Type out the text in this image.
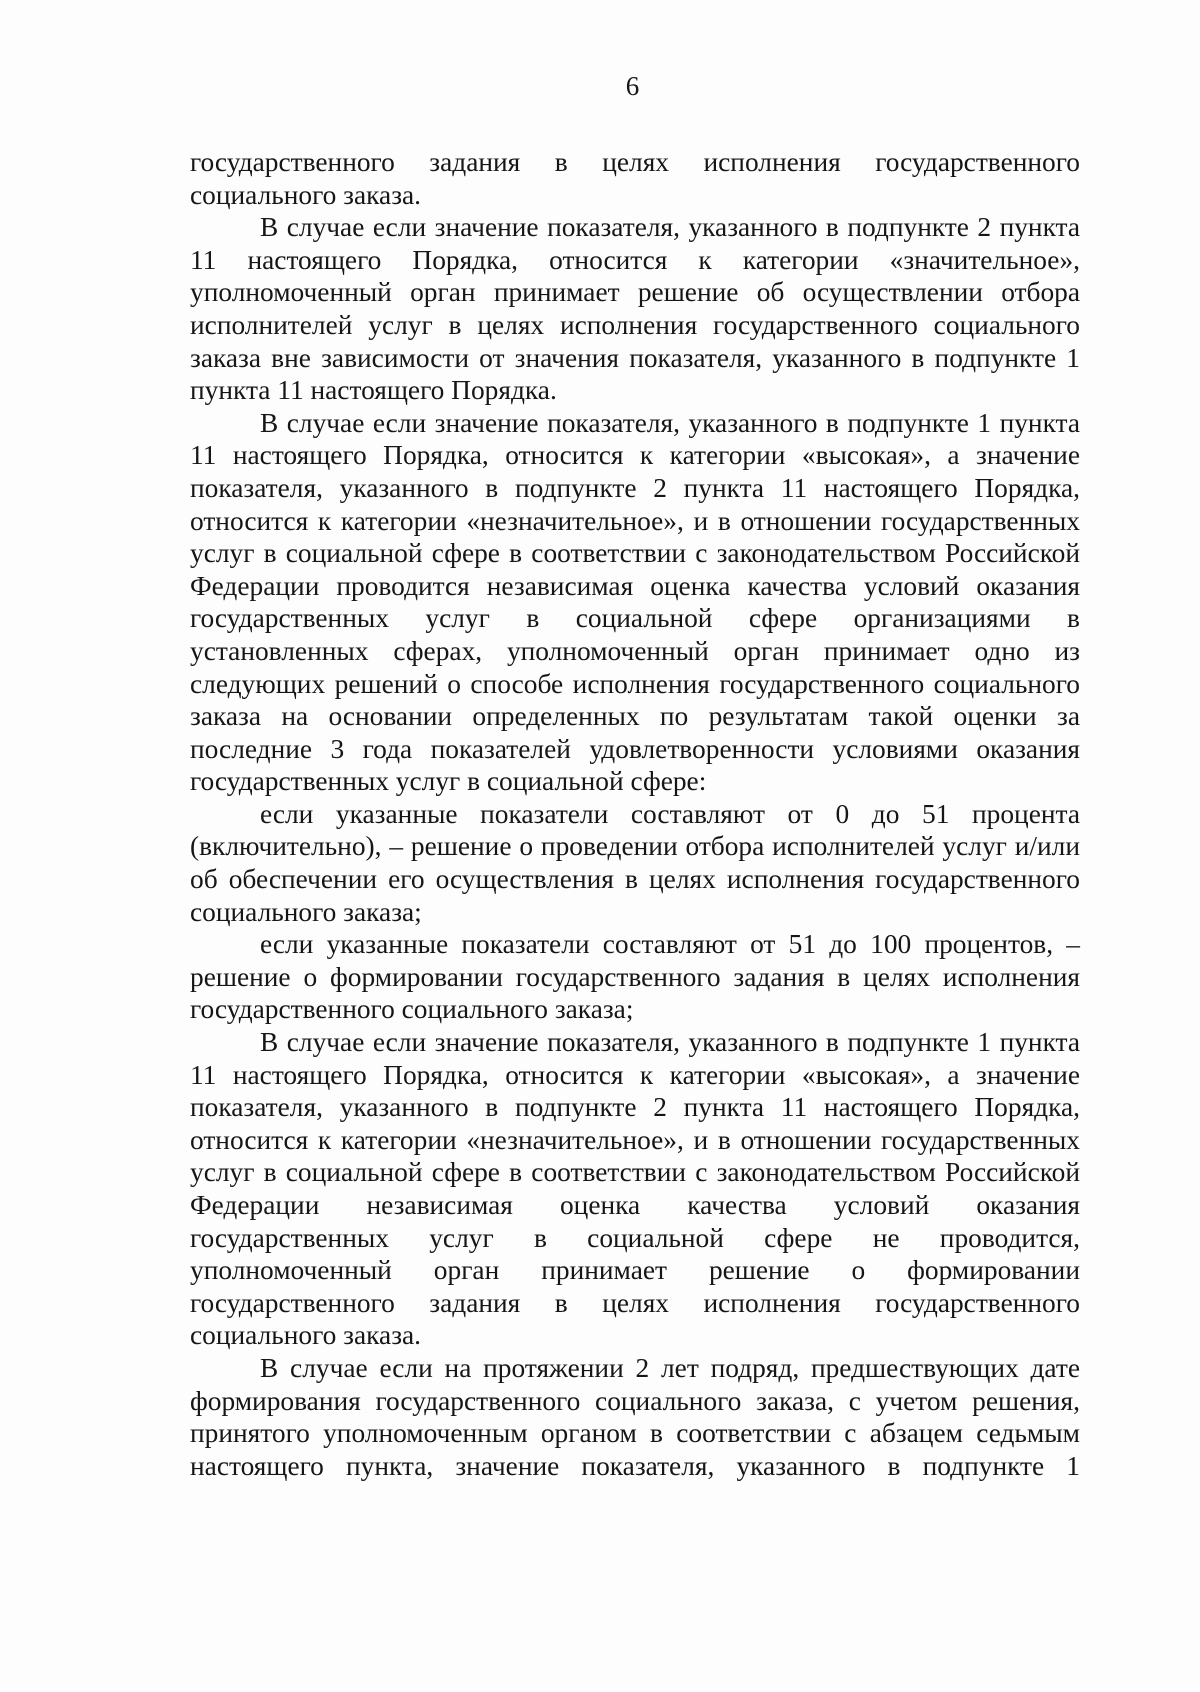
6

государственного задания в целях исполнения государственного социального заказа.

В случае если значение показателя, указанного в подпункте 2 пункта 11 настоящего Порядка, относится к категории «значительное», уполномоченный орган принимает решение об осуществлении отбора исполнителей услуг в целях исполнения государственного социального заказа вне зависимости от значения показателя, указанного в подпункте 1 пункта 11 настоящего Порядка.

В случае если значение показателя, указанного в подпункте 1 пункта 11 настоящего Порядка, относится к категории «высокая», а значение показателя, указанного в подпункте 2 пункта 11 настоящего Порядка, относится к категории «незначительное», и в отношении государственных услуг в социальной сфере в соответствии с законодательством Российской Федерации проводится независимая оценка качества условий оказания государственных услуг в социальной сфере организациями в установленных сферах, уполномоченный орган принимает одно из следующих решений о способе исполнения государственного социального заказа на основании определенных по результатам такой оценки за последние 3 года показателей удовлетворенности условиями оказания государственных услуг в социальной сфере:

если указанные показатели составляют от 0 до 51 процента (включительно), – решение о проведении отбора исполнителей услуг и/или об обеспечении его осуществления в целях исполнения государственного социального заказа;

если указанные показатели составляют от 51 до 100 процентов, – решение о формировании государственного задания в целях исполнения государственного социального заказа;

В случае если значение показателя, указанного в подпункте 1 пункта 11 настоящего Порядка, относится к категории «высокая», а значение показателя, указанного в подпункте 2 пункта 11 настоящего Порядка, относится к категории «незначительное», и в отношении государственных услуг в социальной сфере в соответствии с законодательством Российской Федерации независимая оценка качества условий оказания государственных услуг в социальной сфере не проводится, уполномоченный орган принимает решение о формировании государственного задания в целях исполнения государственного социального заказа.

В случае если на протяжении 2 лет подряд, предшествующих дате формирования государственного социального заказа, с учетом решения, принятого уполномоченным органом в соответствии с абзацем седьмым настоящего пункта, значение показателя, указанного в подпункте 1
